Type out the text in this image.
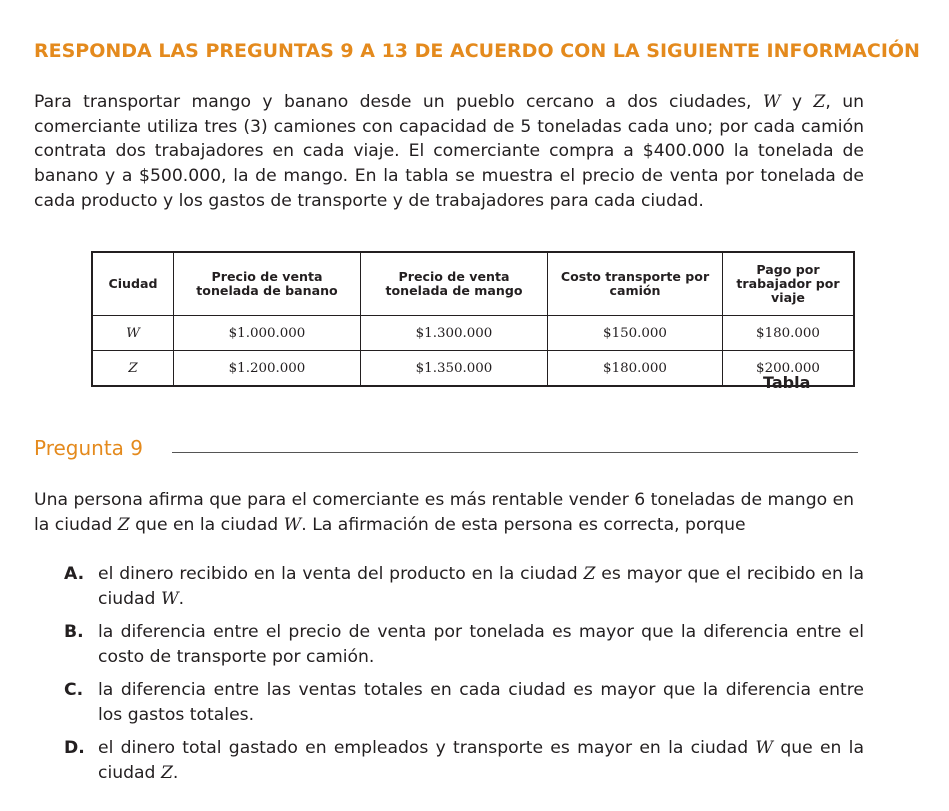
RESPONDA LAS PREGUNTAS 9 A 13 DE ACUERDO CON LA SIGUIENTE INFORMACIÓN
Para transportar mango y banano desde un pueblo cercano a dos ciudades, W y Z, un comerciante utiliza tres (3) camiones con capacidad de 5 toneladas cada uno; por cada camión contrata dos trabajadores en cada viaje. El comerciante compra a $400.000 la tonelada de banano y a $500.000, la de mango. En la tabla se muestra el precio de venta por tonelada de cada producto y los gastos de transporte y de trabajadores para cada ciudad.
Ciudad	Precio de venta tonelada de banano	Precio de venta tonelada de mango	Costo transporte por camión	Pago por trabajador por viaje
W	$1.000.000	$1.300.000	$150.000	$180.000
Z	$1.200.000	$1.350.000	$180.000	$200.000
Tabla
Pregunta 9
Una persona afirma que para el comerciante es más rentable vender 6 toneladas de mango en la ciudad Z que en la ciudad W. La afirmación de esta persona es correcta, porque
A. el dinero recibido en la venta del producto en la ciudad Z es mayor que el recibido en la ciudad W.
B. la diferencia entre el precio de venta por tonelada es mayor que la diferencia entre el costo de transporte por camión.
C. la diferencia entre las ventas totales en cada ciudad es mayor que la diferencia entre los gastos totales.
D. el dinero total gastado en empleados y transporte es mayor en la ciudad W que en la ciudad Z.
